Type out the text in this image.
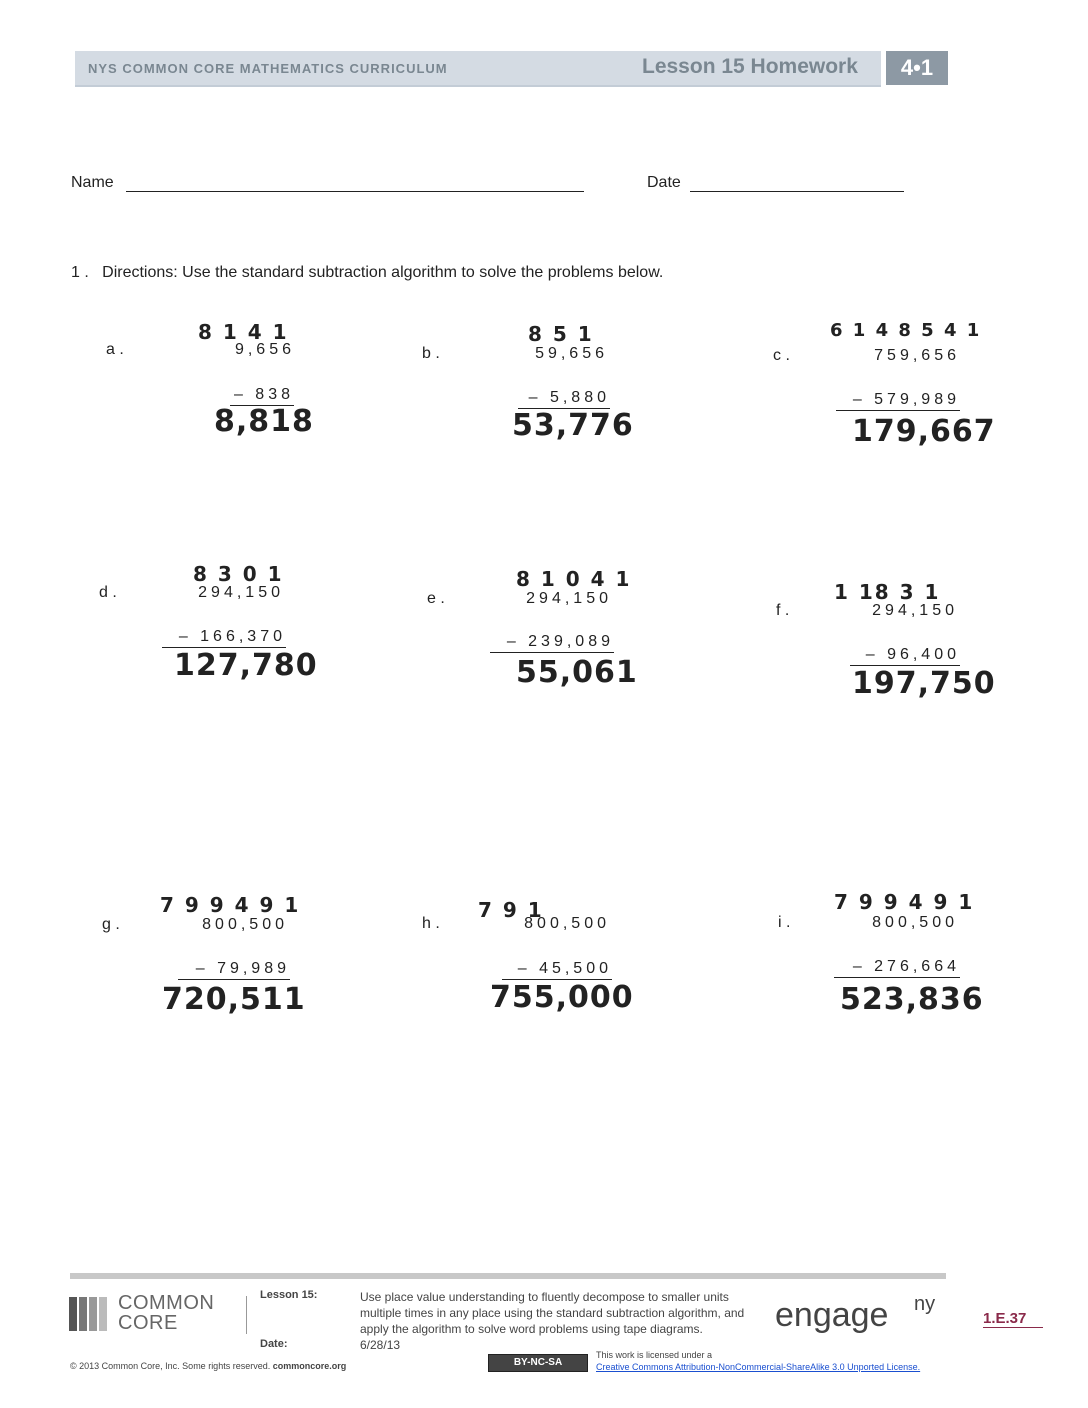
NYS COMMON CORE MATHEMATICS CURRICULUM	Lesson 15 Homework	4•1
Name	Date
1 . Directions: Use the standard subtraction algorithm to solve the problems below.
a .
8 1 4 1
9,656
– 838
8,818
b .
8 5 1
59,656
– 5,880
53,776
c .
6 1 4 8 5 4 1
759,656
– 579,989
179,667
d .
8 3 0 1
294,150
– 166,370
127,780
e .
8 1 0 4 1
294,150
– 239,089
55,061
f .
1 18 3 1
294,150
– 96,400
197,750
g .
7 9 9 4 9 1
800,500
– 79,989
720,511
h .
7 9 1
800,500
– 45,500
755,000
i .
7 9 9 4 9 1
800,500
– 276,664
523,836
COMMON CORE
Lesson 15:	Use place value understanding to fluently decompose to smaller units multiple times in any place using the standard subtraction algorithm, and apply the algorithm to solve word problems using tape diagrams.
Date:	6/28/13
engage ny
1.E.37
© 2013 Common Core, Inc. Some rights reserved. commoncore.org	BY-NC-SA
This work is licensed under a
Creative Commons Attribution-NonCommercial-ShareAlike 3.0 Unported License.
